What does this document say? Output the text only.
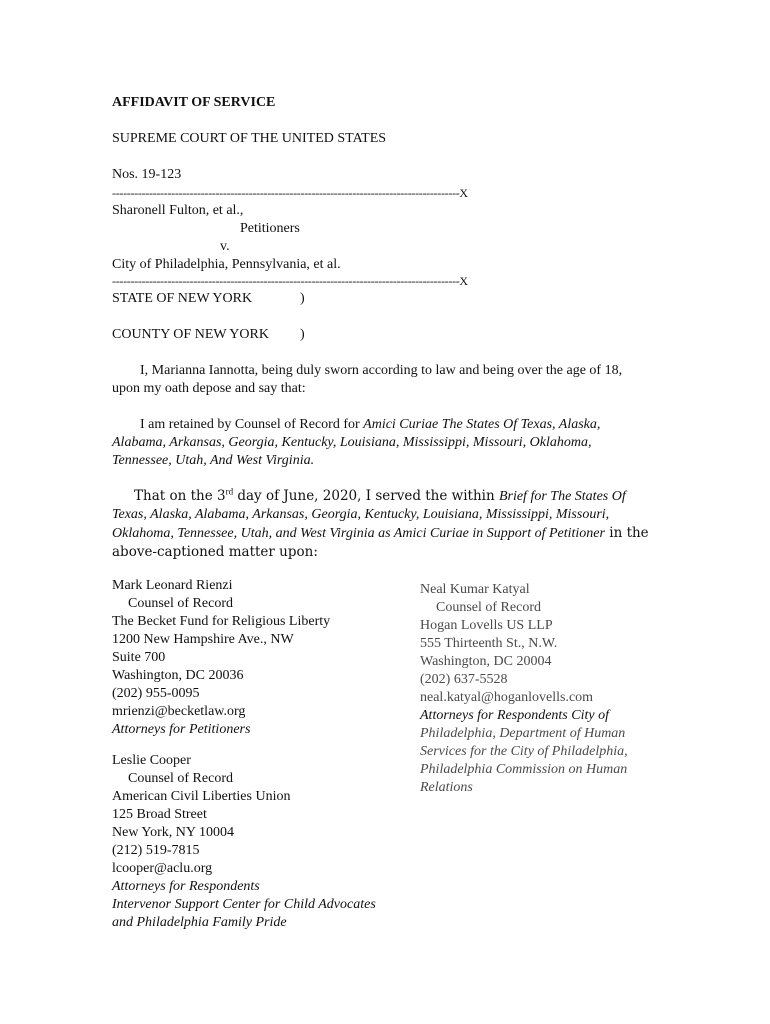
AFFIDAVIT OF SERVICE
SUPREME COURT OF THE UNITED STATES
Nos. 19-123
----------------------------------------------------------------------------------------------X
Sharonell Fulton, et al.,
Petitioners
v.
City of Philadelphia, Pennsylvania, et al.
----------------------------------------------------------------------------------------------X
STATE OF NEW YORK	)
COUNTY OF NEW YORK )
I, Marianna Iannotta, being duly sworn according to law and being over the age of 18, upon my oath depose and say that:
I am retained by Counsel of Record for Amici Curiae The States Of Texas, Alaska, Alabama, Arkansas, Georgia, Kentucky, Louisiana, Mississippi, Missouri, Oklahoma, Tennessee, Utah, And West Virginia.
That on the 3rd day of June, 2020, I served the within Brief for The States Of Texas, Alaska, Alabama, Arkansas, Georgia, Kentucky, Louisiana, Mississippi, Missouri, Oklahoma, Tennessee, Utah, and West Virginia as Amici Curiae in Support of Petitioner in the above-captioned matter upon:
Mark Leonard Rienzi
Counsel of Record
The Becket Fund for Religious Liberty
1200 New Hampshire Ave., NW
Suite 700
Washington, DC 20036
(202) 955-0095
mrienzi@becketlaw.org
Attorneys for Petitioners
Leslie Cooper
Counsel of Record
American Civil Liberties Union
125 Broad Street
New York, NY 10004
(212) 519-7815
lcooper@aclu.org
Attorneys for Respondents
Intervenor Support Center for Child Advocates
and Philadelphia Family Pride
Neal Kumar Katyal
Counsel of Record
Hogan Lovells US LLP
555 Thirteenth St., N.W.
Washington, DC 20004
(202) 637-5528
neal.katyal@hoganlovells.com
Attorneys for Respondents City of
Philadelphia, Department of Human
Services for the City of Philadelphia,
Philadelphia Commission on Human
Relations
